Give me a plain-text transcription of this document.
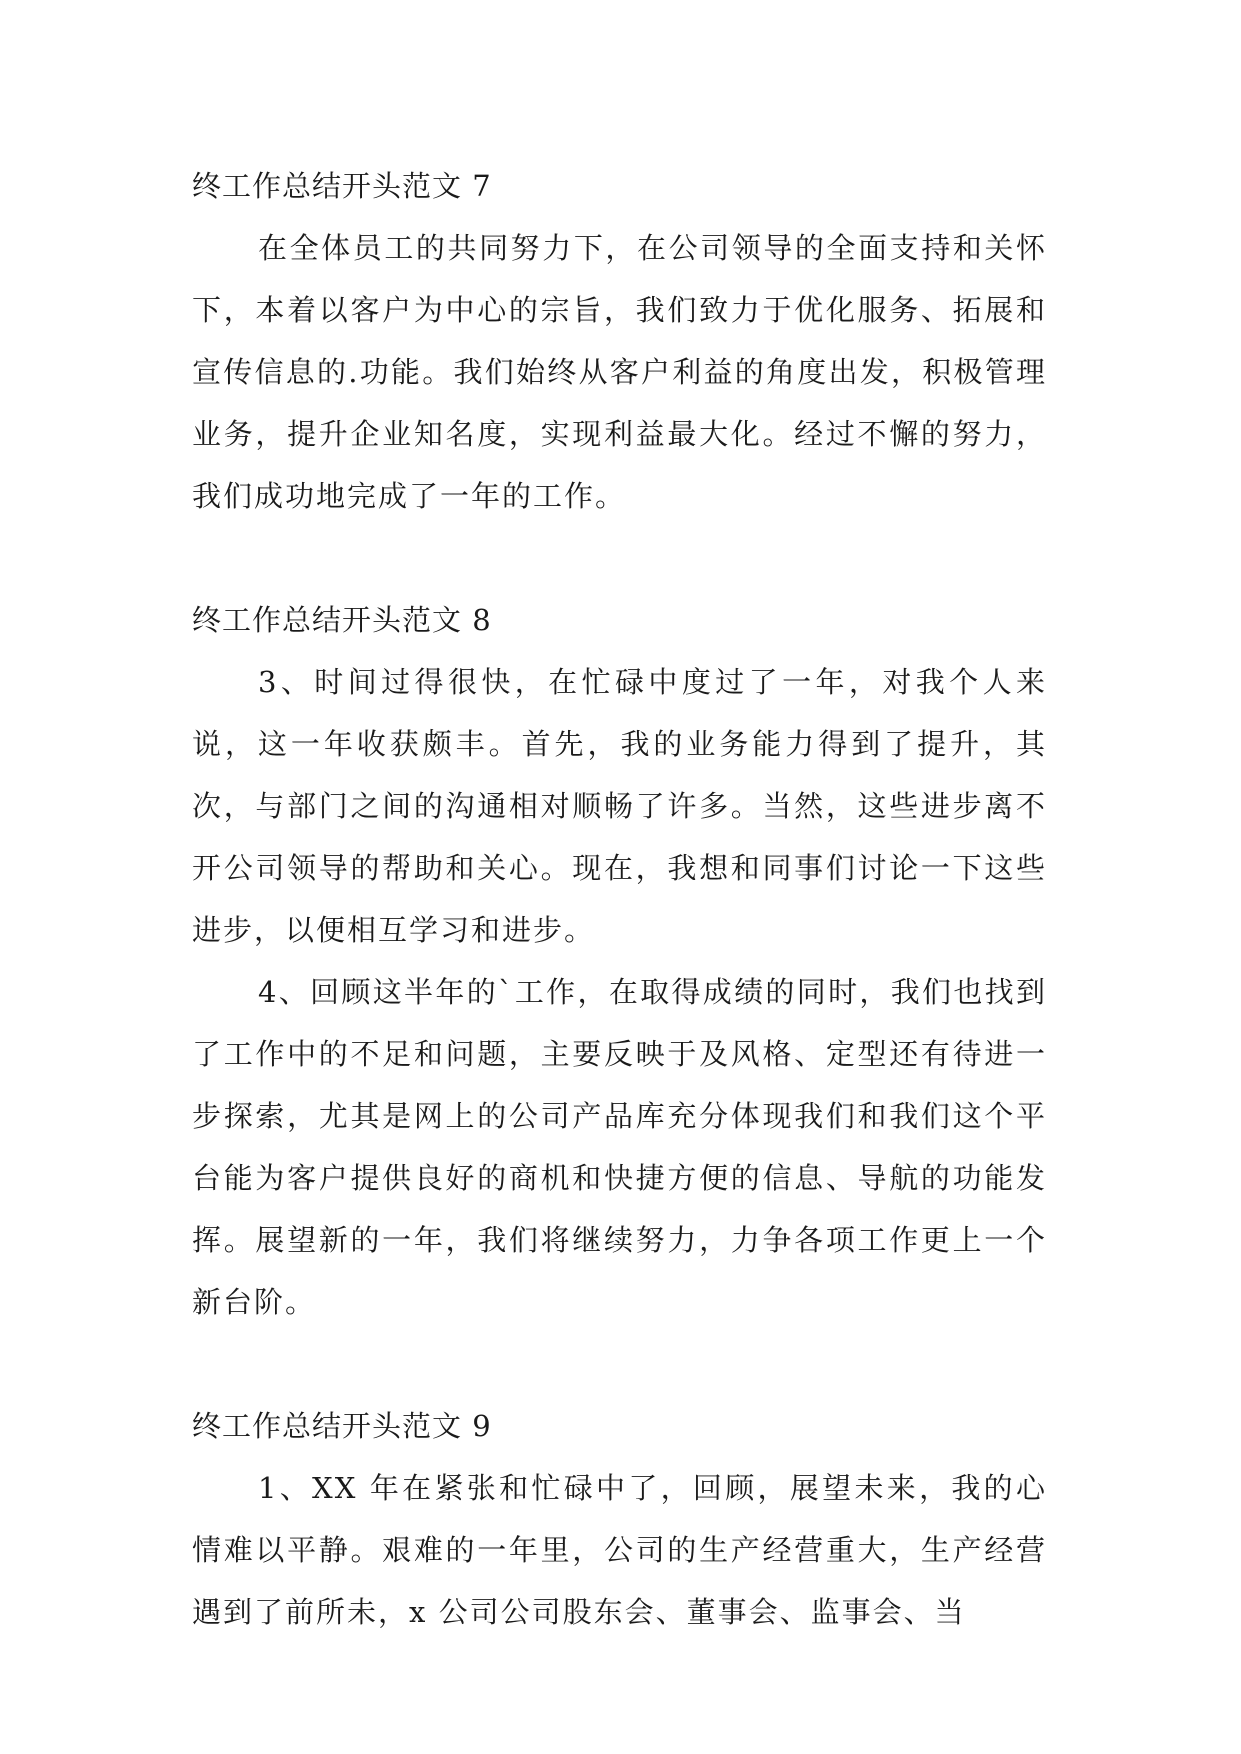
终工作总结开头范文 7

在全体员工的共同努力下，在公司领导的全面支持和关怀下，本着以客户为中心的宗旨，我们致力于优化服务、拓展和宣传信息的.功能。我们始终从客户利益的角度出发，积极管理业务，提升企业知名度，实现利益最大化。经过不懈的努力，我们成功地完成了一年的工作。

终工作总结开头范文 8

3、时间过得很快，在忙碌中度过了一年，对我个人来说，这一年收获颇丰。首先，我的业务能力得到了提升，其次，与部门之间的沟通相对顺畅了许多。当然，这些进步离不开公司领导的帮助和关心。现在，我想和同事们讨论一下这些进步，以便相互学习和进步。

4、回顾这半年的`工作，在取得成绩的同时，我们也找到了工作中的不足和问题，主要反映于及风格、定型还有待进一步探索，尤其是网上的公司产品库充分体现我们和我们这个平台能为客户提供良好的商机和快捷方便的信息、导航的功能发挥。展望新的一年，我们将继续努力，力争各项工作更上一个新台阶。

终工作总结开头范文 9

1、XX 年在紧张和忙碌中了，回顾，展望未来，我的心情难以平静。艰难的一年里，公司的生产经营重大，生产经营遇到了前所未，x 公司公司股东会、董事会、监事会、当
